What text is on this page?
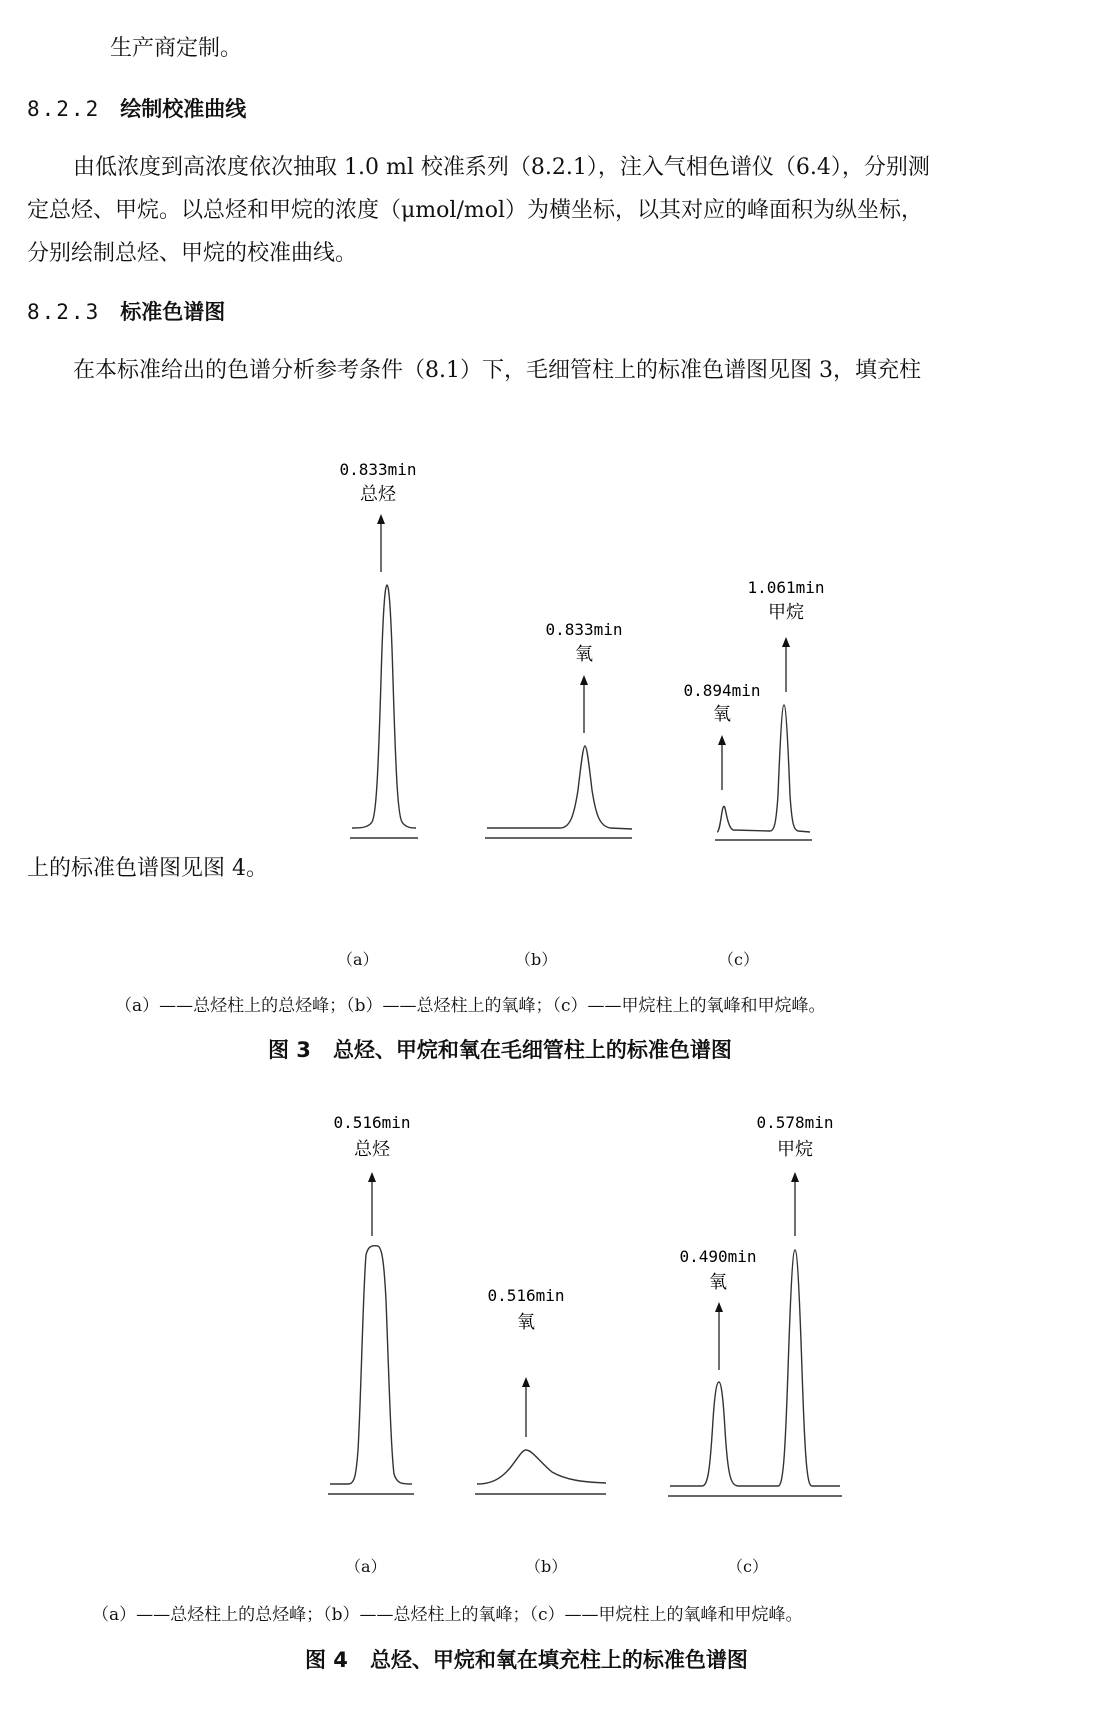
生产商定制。
8.2.2 绘制校准曲线
由低浓度到高浓度依次抽取 1.0 ml 校准系列（8.2.1），注入气相色谱仪（6.4），分别测
定总烃、甲烷。以总烃和甲烷的浓度（μmol/mol）为横坐标，以其对应的峰面积为纵坐标，
分别绘制总烃、甲烷的校准曲线。
8.2.3 标准色谱图
在本标准给出的色谱分析参考条件（8.1）下，毛细管柱上的标准色谱图见图 3，填充柱
0.833min
总烃
0.833min
氧
0.894min
氧
1.061min
甲烷
0.516min
总烃
0.516min
氧
0.490min
氧
0.578min
甲烷
上的标准色谱图见图 4。
（a）	（b）	（c）
（a）——总烃柱上的总烃峰；（b）——总烃柱上的氧峰；（c）——甲烷柱上的氧峰和甲烷峰。
图 3 总烃、甲烷和氧在毛细管柱上的标准色谱图
（a）	（b）	（c）
（a）——总烃柱上的总烃峰；（b）——总烃柱上的氧峰；（c）——甲烷柱上的氧峰和甲烷峰。
图 4 总烃、甲烷和氧在填充柱上的标准色谱图
